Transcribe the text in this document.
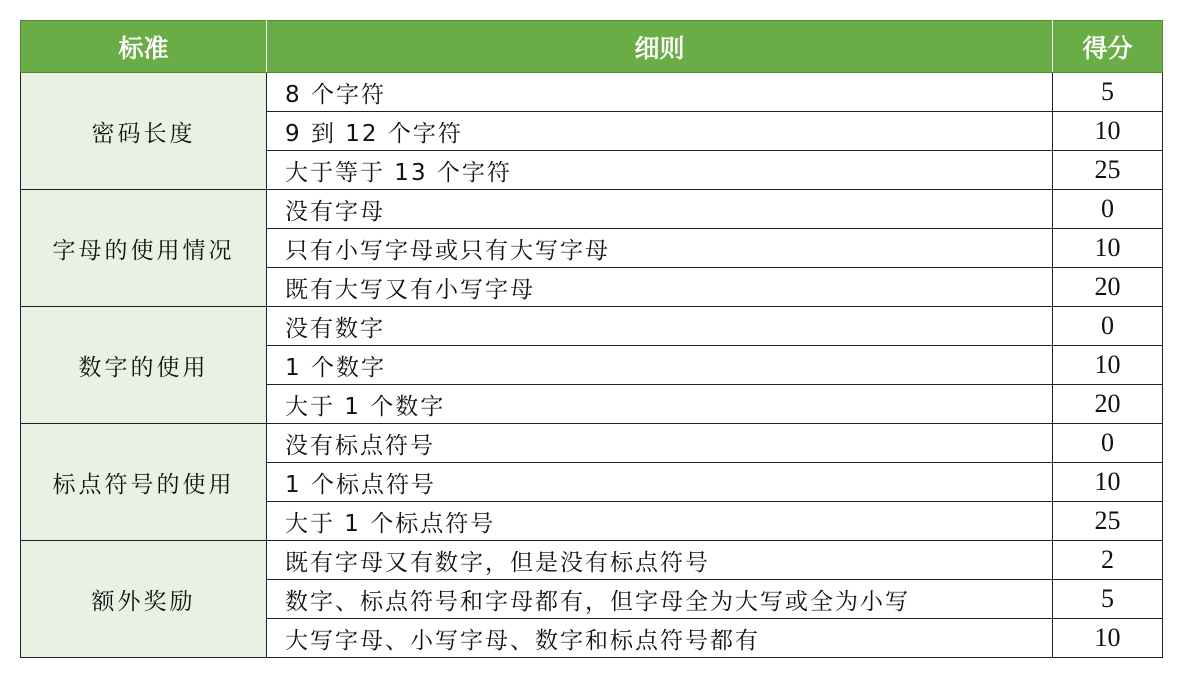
标准	细则	得分
密码长度	8 个字符	5
	9 到 12 个字符	10
	大于等于 13 个字符	25
字母的使用情况	没有字母	0
	只有小写字母或只有大写字母	10
	既有大写又有小写字母	20
数字的使用	没有数字	0
	1 个数字	10
	大于 1 个数字	20
标点符号的使用	没有标点符号	0
	1 个标点符号	10
	大于 1 个标点符号	25
额外奖励	既有字母又有数字，但是没有标点符号	2
	数字、标点符号和字母都有，但字母全为大写或全为小写	5
	大写字母、小写字母、数字和标点符号都有	10
